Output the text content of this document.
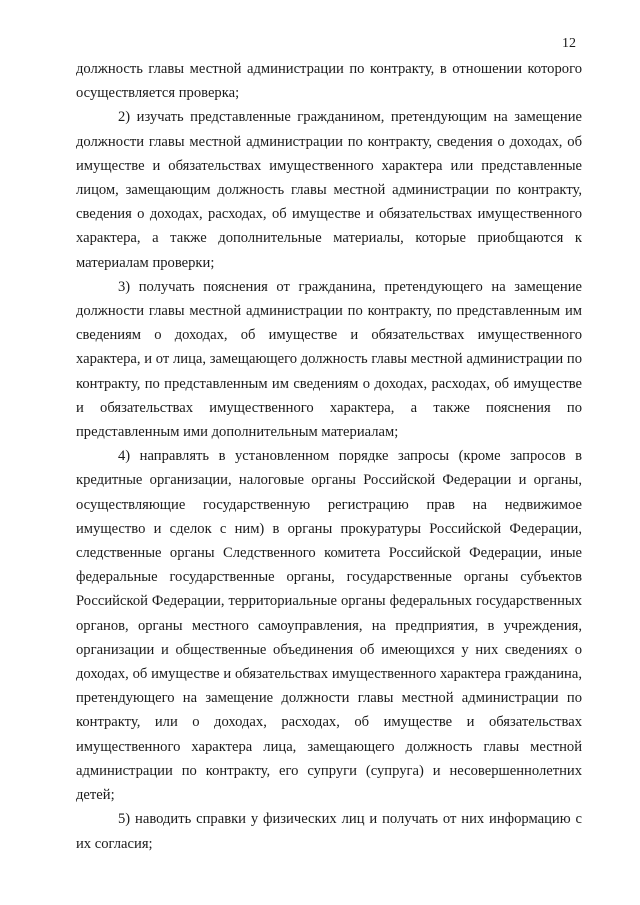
12

должность главы местной администрации по контракту, в отношении которого осуществляется проверка;

2) изучать представленные гражданином, претендующим на замещение должности главы местной администрации по контракту, сведения о доходах, об имуществе и обязательствах имущественного характера или представленные лицом, замещающим должность главы местной администрации по контракту, сведения о доходах, расходах, об имуществе и обязательствах имущественного характера, а также дополнительные материалы, которые приобщаются к материалам проверки;

3) получать пояснения от гражданина, претендующего на замещение должности главы местной администрации по контракту, по представленным им сведениям о доходах, об имуществе и обязательствах имущественного характера, и от лица, замещающего должность главы местной администрации по контракту, по представленным им сведениям о доходах, расходах, об имуществе и обязательствах имущественного характера, а также пояснения по представленным ими дополнительным материалам;

4) направлять в установленном порядке запросы (кроме запросов в кредитные организации, налоговые органы Российской Федерации и органы, осуществляющие государственную регистрацию прав на недвижимое имущество и сделок с ним) в органы прокуратуры Российской Федерации, следственные органы Следственного комитета Российской Федерации, иные федеральные государственные органы, государственные органы субъектов Российской Федерации, территориальные органы федеральных государственных органов, органы местного самоуправления, на предприятия, в учреждения, организации и общественные объединения об имеющихся у них сведениях о доходах, об имуществе и обязательствах имущественного характера гражданина, претендующего на замещение должности главы местной администрации по контракту, или о доходах, расходах, об имуществе и обязательствах имущественного характера лица, замещающего должность главы местной администрации по контракту, его супруги (супруга) и несовершеннолетних детей;

5) наводить справки у физических лиц и получать от них информацию с их согласия;
